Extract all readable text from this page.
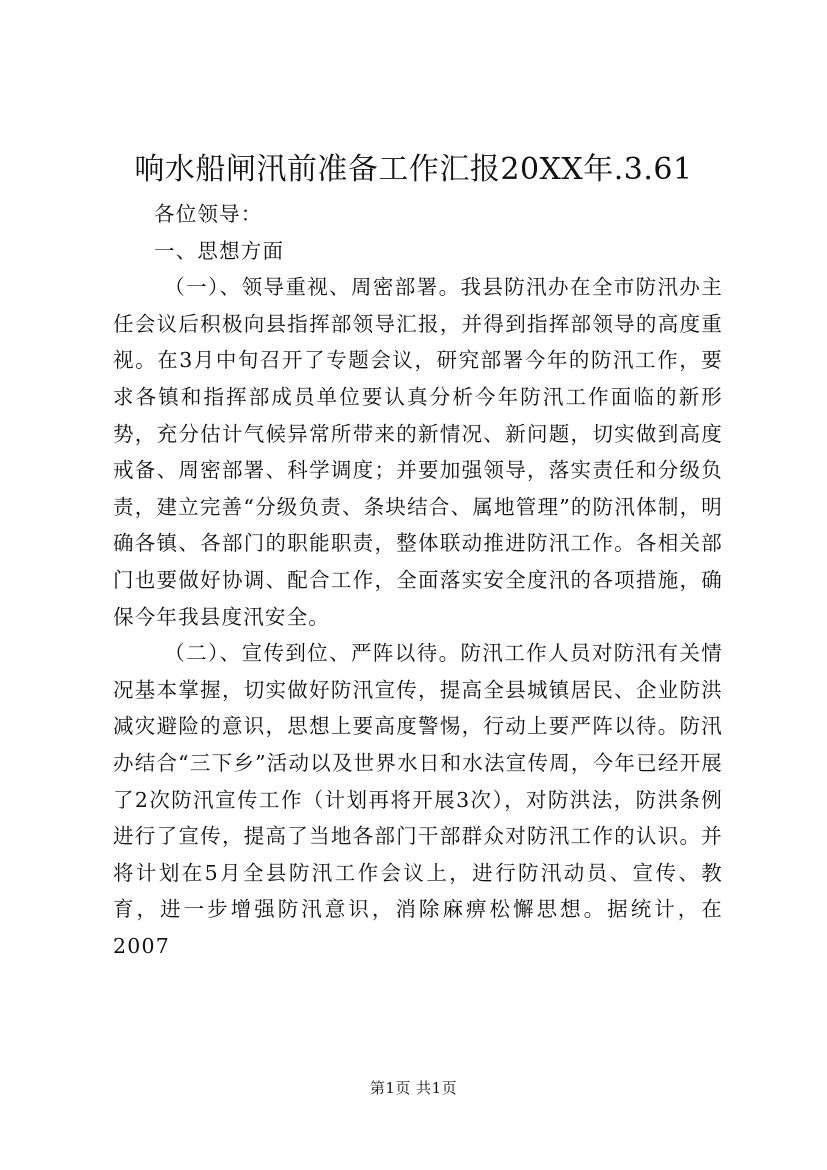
响水船闸汛前准备工作汇报20XX年.3.61

各位领导：

一、思想方面

（一）、领导重视、周密部署。我县防汛办在全市防汛办主任会议后积极向县指挥部领导汇报，并得到指挥部领导的高度重视。在3月中旬召开了专题会议，研究部署今年的防汛工作，要求各镇和指挥部成员单位要认真分析今年防汛工作面临的新形势，充分估计气候异常所带来的新情况、新问题，切实做到高度戒备、周密部署、科学调度；并要加强领导，落实责任和分级负责，建立完善“分级负责、条块结合、属地管理”的防汛体制，明确各镇、各部门的职能职责，整体联动推进防汛工作。各相关部门也要做好协调、配合工作，全面落实安全度汛的各项措施，确保今年我县度汛安全。

（二）、宣传到位、严阵以待。防汛工作人员对防汛有关情况基本掌握，切实做好防汛宣传，提高全县城镇居民、企业防洪减灾避险的意识，思想上要高度警惕，行动上要严阵以待。防汛办结合“三下乡”活动以及世界水日和水法宣传周，今年已经开展了2次防汛宣传工作（计划再将开展3次），对防洪法，防洪条例进行了宣传，提高了当地各部门干部群众对防汛工作的认识。并将计划在5月全县防汛工作会议上，进行防汛动员、宣传、教育，进一步增强防汛意识，消除麻痹松懈思想。据统计，在2007

第1页 共1页
